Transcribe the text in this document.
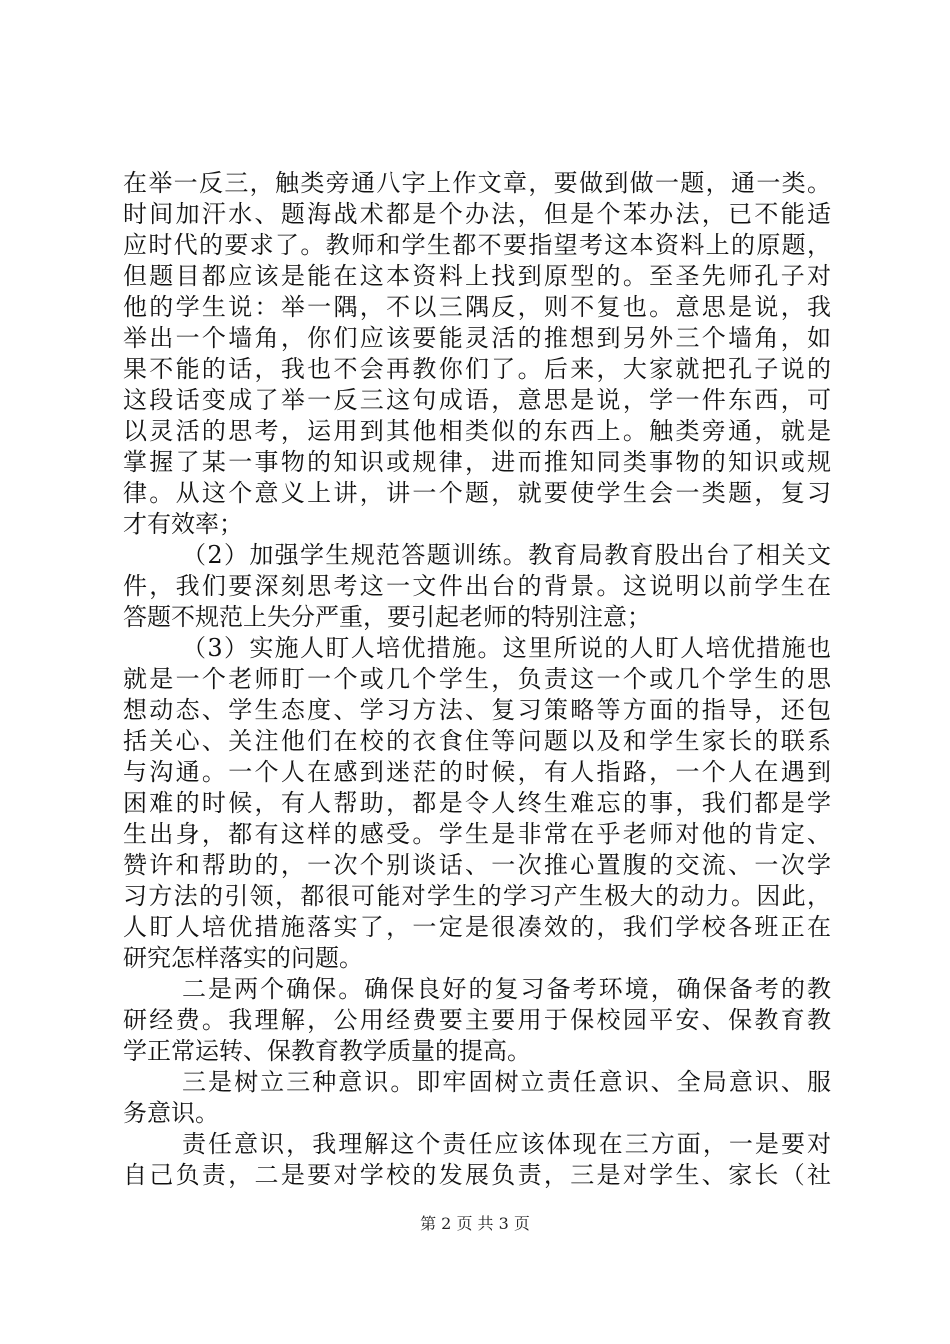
在举一反三，触类旁通八字上作文章，要做到做一题，通一类。
时间加汗水、题海战术都是个办法，但是个苯办法，已不能适
应时代的要求了。教师和学生都不要指望考这本资料上的原题，
但题目都应该是能在这本资料上找到原型的。至圣先师孔子对
他的学生说：举一隅，不以三隅反，则不复也。意思是说，我
举出一个墙角，你们应该要能灵活的推想到另外三个墙角，如
果不能的话，我也不会再教你们了。后来，大家就把孔子说的
这段话变成了举一反三这句成语，意思是说，学一件东西，可
以灵活的思考，运用到其他相类似的东西上。触类旁通，就是
掌握了某一事物的知识或规律，进而推知同类事物的知识或规
律。从这个意义上讲，讲一个题，就要使学生会一类题，复习
才有效率；
（2）加强学生规范答题训练。教育局教育股出台了相关文
件，我们要深刻思考这一文件出台的背景。这说明以前学生在
答题不规范上失分严重，要引起老师的特别注意；
（3）实施人盯人培优措施。这里所说的人盯人培优措施也
就是一个老师盯一个或几个学生，负责这一个或几个学生的思
想动态、学生态度、学习方法、复习策略等方面的指导，还包
括关心、关注他们在校的衣食住等问题以及和学生家长的联系
与沟通。一个人在感到迷茫的时候，有人指路，一个人在遇到
困难的时候，有人帮助，都是令人终生难忘的事，我们都是学
生出身，都有这样的感受。学生是非常在乎老师对他的肯定、
赞许和帮助的，一次个别谈话、一次推心置腹的交流、一次学
习方法的引领，都很可能对学生的学习产生极大的动力。因此，
人盯人培优措施落实了，一定是很凑效的，我们学校各班正在
研究怎样落实的问题。
二是两个确保。确保良好的复习备考环境，确保备考的教
研经费。我理解，公用经费要主要用于保校园平安、保教育教
学正常运转、保教育教学质量的提高。
三是树立三种意识。即牢固树立责任意识、全局意识、服
务意识。
责任意识，我理解这个责任应该体现在三方面，一是要对
自己负责，二是要对学校的发展负责，三是对学生、家长（社
第 2 页 共 3 页
